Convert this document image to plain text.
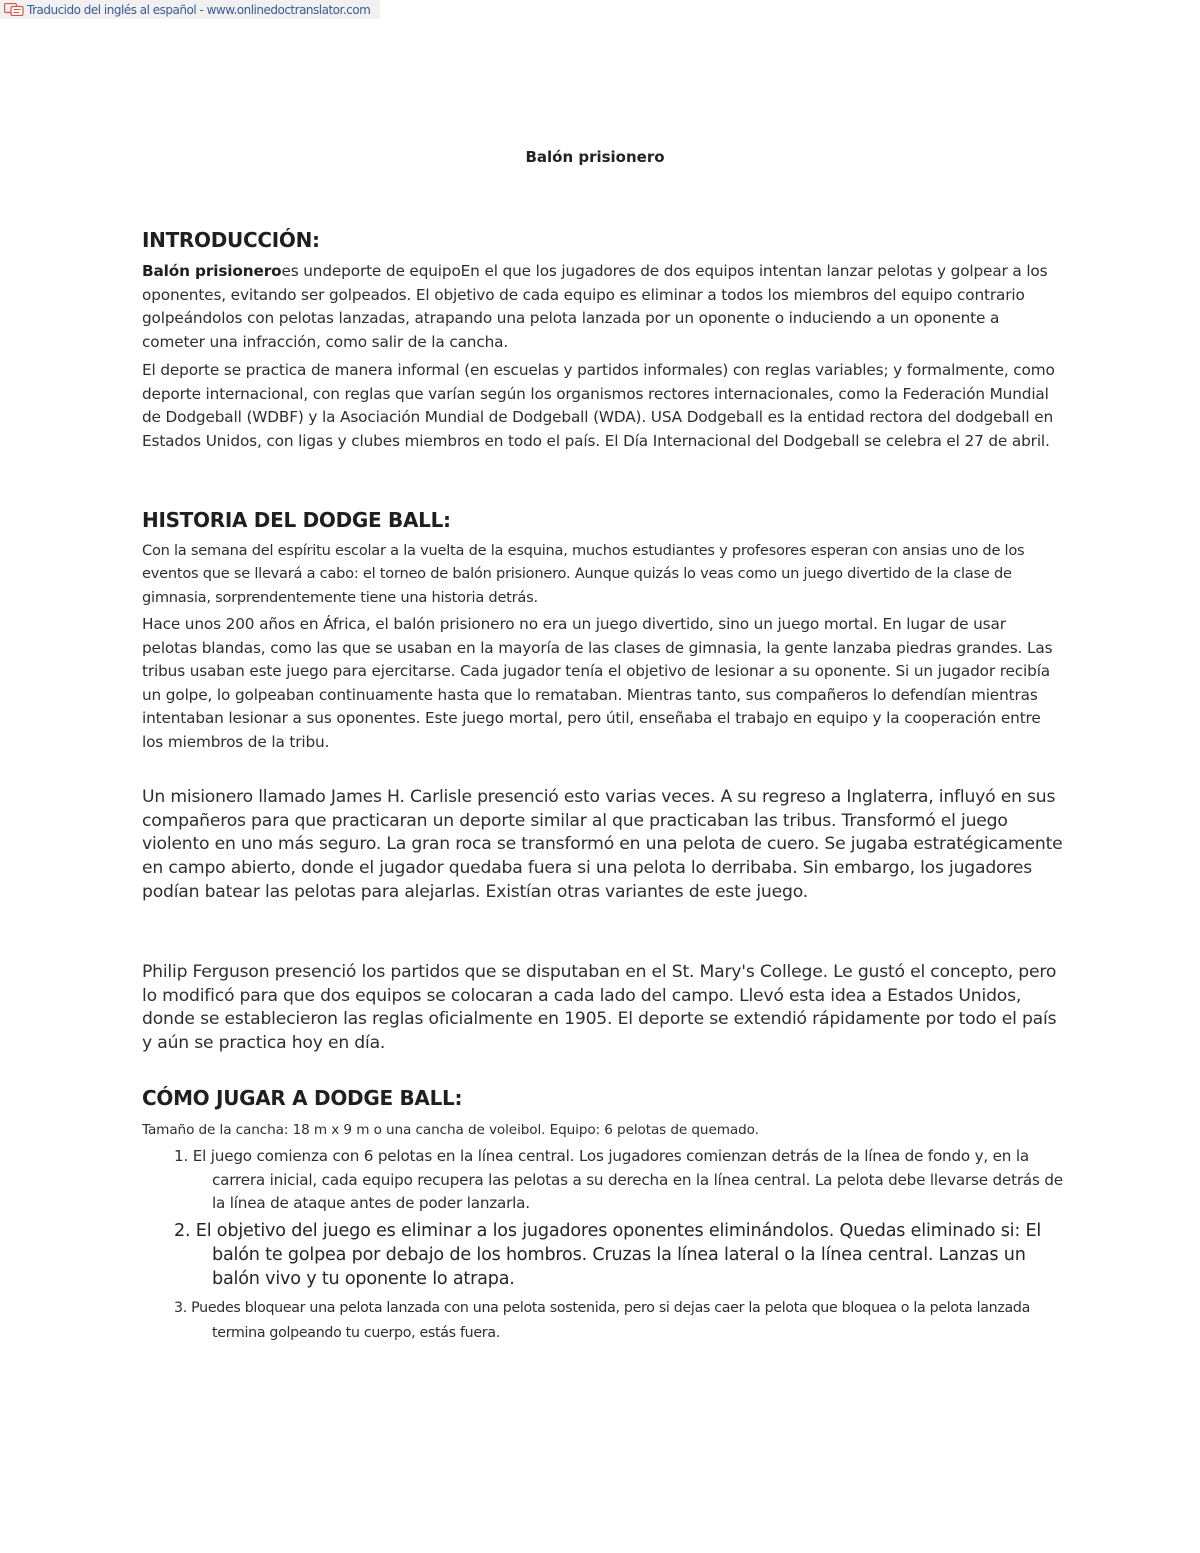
Traducido del inglés al español - www.onlinedoctranslator.com
Balón prisionero
INTRODUCCIÓN:

Balón prisioneroes undeporte de equipoEn el que los jugadores de dos equipos intentan lanzar pelotas y golpear a los oponentes, evitando ser golpeados. El objetivo de cada equipo es eliminar a todos los miembros del equipo contrario golpeándolos con pelotas lanzadas, atrapando una pelota lanzada por un oponente o induciendo a un oponente a cometer una infracción, como salir de la cancha.

El deporte se practica de manera informal (en escuelas y partidos informales) con reglas variables; y formalmente, como deporte internacional, con reglas que varían según los organismos rectores internacionales, como la Federación Mundial de Dodgeball (WDBF) y la Asociación Mundial de Dodgeball (WDA). USA Dodgeball es la entidad rectora del dodgeball en Estados Unidos, con ligas y clubes miembros en todo el país. El Día Internacional del Dodgeball se celebra el 27 de abril.

HISTORIA DEL DODGE BALL:

Con la semana del espíritu escolar a la vuelta de la esquina, muchos estudiantes y profesores esperan con ansias uno de los eventos que se llevará a cabo: el torneo de balón prisionero. Aunque quizás lo veas como un juego divertido de la clase de gimnasia, sorprendentemente tiene una historia detrás.

Hace unos 200 años en África, el balón prisionero no era un juego divertido, sino un juego mortal. En lugar de usar pelotas blandas, como las que se usaban en la mayoría de las clases de gimnasia, la gente lanzaba piedras grandes. Las tribus usaban este juego para ejercitarse. Cada jugador tenía el objetivo de lesionar a su oponente. Si un jugador recibía un golpe, lo golpeaban continuamente hasta que lo remataban. Mientras tanto, sus compañeros lo defendían mientras intentaban lesionar a sus oponentes. Este juego mortal, pero útil, enseñaba el trabajo en equipo y la cooperación entre los miembros de la tribu.

Un misionero llamado James H. Carlisle presenció esto varias veces. A su regreso a Inglaterra, influyó en sus compañeros para que practicaran un deporte similar al que practicaban las tribus. Transformó el juego violento en uno más seguro. La gran roca se transformó en una pelota de cuero. Se jugaba estratégicamente en campo abierto, donde el jugador quedaba fuera si una pelota lo derribaba. Sin embargo, los jugadores podían batear las pelotas para alejarlas. Existían otras variantes de este juego.

Philip Ferguson presenció los partidos que se disputaban en el St. Mary's College. Le gustó el concepto, pero lo modificó para que dos equipos se colocaran a cada lado del campo. Llevó esta idea a Estados Unidos, donde se establecieron las reglas oficialmente en 1905. El deporte se extendió rápidamente por todo el país y aún se practica hoy en día.

CÓMO JUGAR A DODGE BALL:

Tamaño de la cancha: 18 m x 9 m o una cancha de voleibol. Equipo: 6 pelotas de quemado.

1. El juego comienza con 6 pelotas en la línea central. Los jugadores comienzan detrás de la línea de fondo y, en la carrera inicial, cada equipo recupera las pelotas a su derecha en la línea central. La pelota debe llevarse detrás de la línea de ataque antes de poder lanzarla.
2. El objetivo del juego es eliminar a los jugadores oponentes eliminándolos. Quedas eliminado si: El balón te golpea por debajo de los hombros. Cruzas la línea lateral o la línea central. Lanzas un balón vivo y tu oponente lo atrapa.
3. Puedes bloquear una pelota lanzada con una pelota sostenida, pero si dejas caer la pelota que bloquea o la pelota lanzada termina golpeando tu cuerpo, estás fuera.
